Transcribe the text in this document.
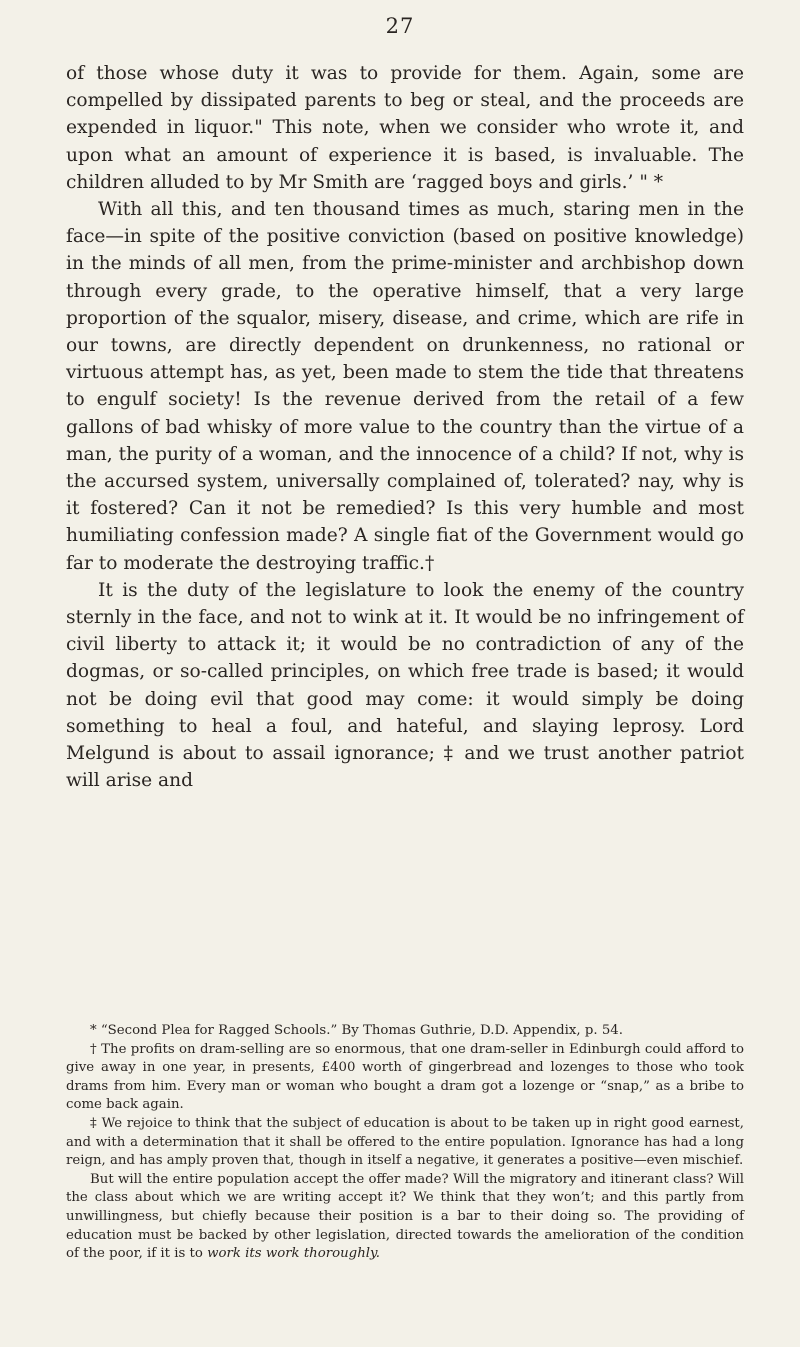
27

of those whose duty it was to provide for them. Again, some are compelled by dissipated parents to beg or steal, and the proceeds are expended in liquor." This note, when we consider who wrote it, and upon what an amount of experience it is based, is invaluable. The children alluded to by Mr Smith are ‘ragged boys and girls.’ " *

With all this, and ten thousand times as much, staring men in the face—in spite of the positive conviction (based on positive knowledge) in the minds of all men, from the prime-minister and archbishop down through every grade, to the operative himself, that a very large proportion of the squalor, misery, disease, and crime, which are rife in our towns, are directly dependent on drunkenness, no rational or virtuous attempt has, as yet, been made to stem the tide that threatens to engulf society! Is the revenue derived from the retail of a few gallons of bad whisky of more value to the country than the virtue of a man, the purity of a woman, and the innocence of a child? If not, why is the accursed system, universally complained of, tolerated? nay, why is it fostered? Can it not be remedied? Is this very humble and most humiliating confession made? A single fiat of the Government would go far to moderate the destroying traffic.†

It is the duty of the legislature to look the enemy of the country sternly in the face, and not to wink at it. It would be no infringement of civil liberty to attack it; it would be no contradiction of any of the dogmas, or so-called principles, on which free trade is based; it would not be doing evil that good may come: it would simply be doing something to heal a foul, and hateful, and slaying leprosy. Lord Melgund is about to assail ignorance; ‡ and we trust another patriot will arise and

* “Second Plea for Ragged Schools.” By Thomas Guthrie, D.D. Appendix, p. 54.

† The profits on dram-selling are so enormous, that one dram-seller in Edinburgh could afford to give away in one year, in presents, £400 worth of gingerbread and lozenges to those who took drams from him. Every man or woman who bought a dram got a lozenge or “snap,” as a bribe to come back again.

‡ We rejoice to think that the subject of education is about to be taken up in right good earnest, and with a determination that it shall be offered to the entire population. Ignorance has had a long reign, and has amply proven that, though in itself a negative, it generates a positive—even mischief.

But will the entire population accept the offer made? Will the migratory and itinerant class? Will the class about which we are writing accept it? We think that they won’t; and this partly from unwillingness, but chiefly because their position is a bar to their doing so. The providing of education must be backed by other legislation, directed towards the amelioration of the condition of the poor, if it is to work its work thoroughly.
